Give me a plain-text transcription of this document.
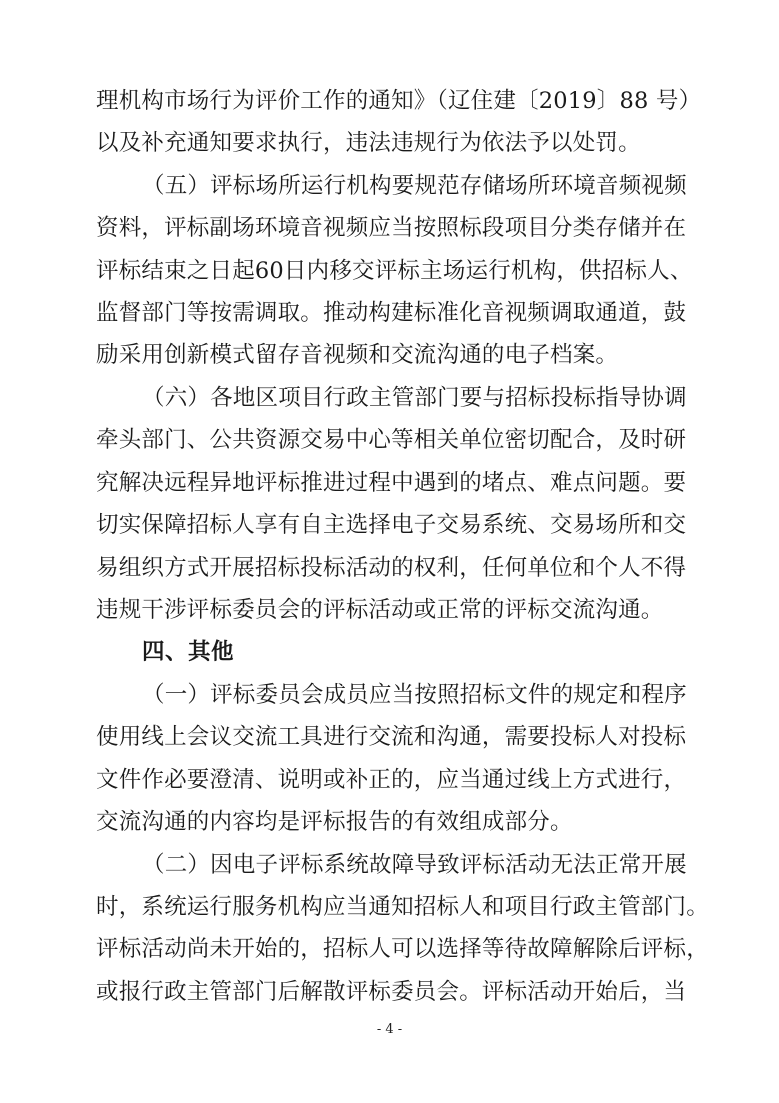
理机构市场行为评价工作的通知》（辽住建〔2019〕88 号）
以及补充通知要求执行，违法违规行为依法予以处罚。
（五）评标场所运行机构要规范存储场所环境音频视频
资料，评标副场环境音视频应当按照标段项目分类存储并在
评标结束之日起60日内移交评标主场运行机构，供招标人、
监督部门等按需调取。推动构建标准化音视频调取通道，鼓
励采用创新模式留存音视频和交流沟通的电子档案。
（六）各地区项目行政主管部门要与招标投标指导协调
牵头部门、公共资源交易中心等相关单位密切配合，及时研
究解决远程异地评标推进过程中遇到的堵点、难点问题。要
切实保障招标人享有自主选择电子交易系统、交易场所和交
易组织方式开展招标投标活动的权利，任何单位和个人不得
违规干涉评标委员会的评标活动或正常的评标交流沟通。
四、其他
（一）评标委员会成员应当按照招标文件的规定和程序
使用线上会议交流工具进行交流和沟通，需要投标人对投标
文件作必要澄清、说明或补正的，应当通过线上方式进行，
交流沟通的内容均是评标报告的有效组成部分。
（二）因电子评标系统故障导致评标活动无法正常开展
时，系统运行服务机构应当通知招标人和项目行政主管部门。
评标活动尚未开始的，招标人可以选择等待故障解除后评标，
或报行政主管部门后解散评标委员会。评标活动开始后，当
- 4 -
